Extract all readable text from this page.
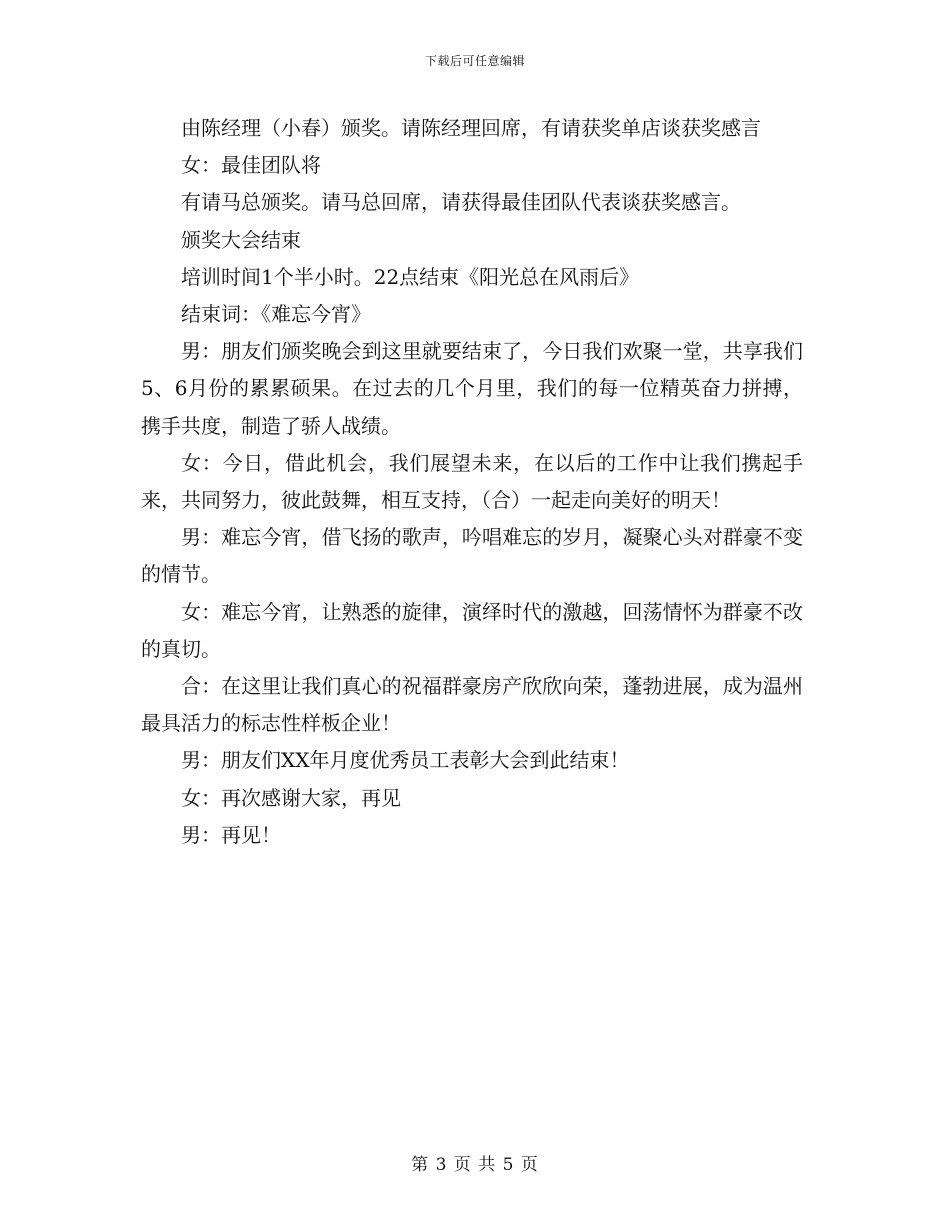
下载后可任意编辑

由陈经理（小春）颁奖。请陈经理回席，有请获奖单店谈获奖感言

女：最佳团队将

有请马总颁奖。请马总回席，请获得最佳团队代表谈获奖感言。

颁奖大会结束

培训时间1个半小时。22点结束《阳光总在风雨后》

结束词：《难忘今宵》

男：朋友们颁奖晚会到这里就要结束了，今日我们欢聚一堂，共享我们5、6月份的累累硕果。在过去的几个月里，我们的每一位精英奋力拼搏，携手共度，制造了骄人战绩。

女：今日，借此机会，我们展望未来，在以后的工作中让我们携起手来，共同努力，彼此鼓舞，相互支持，（合）一起走向美好的明天！

男：难忘今宵，借飞扬的歌声，吟唱难忘的岁月，凝聚心头对群豪不变的情节。

女：难忘今宵，让熟悉的旋律，演绎时代的激越，回荡情怀为群豪不改的真切。

合：在这里让我们真心的祝福群豪房产欣欣向荣，蓬勃进展，成为温州最具活力的标志性样板企业！

男：朋友们XX年月度优秀员工表彰大会到此结束！

女：再次感谢大家，再见

男：再见！

第 3 页 共 5 页
